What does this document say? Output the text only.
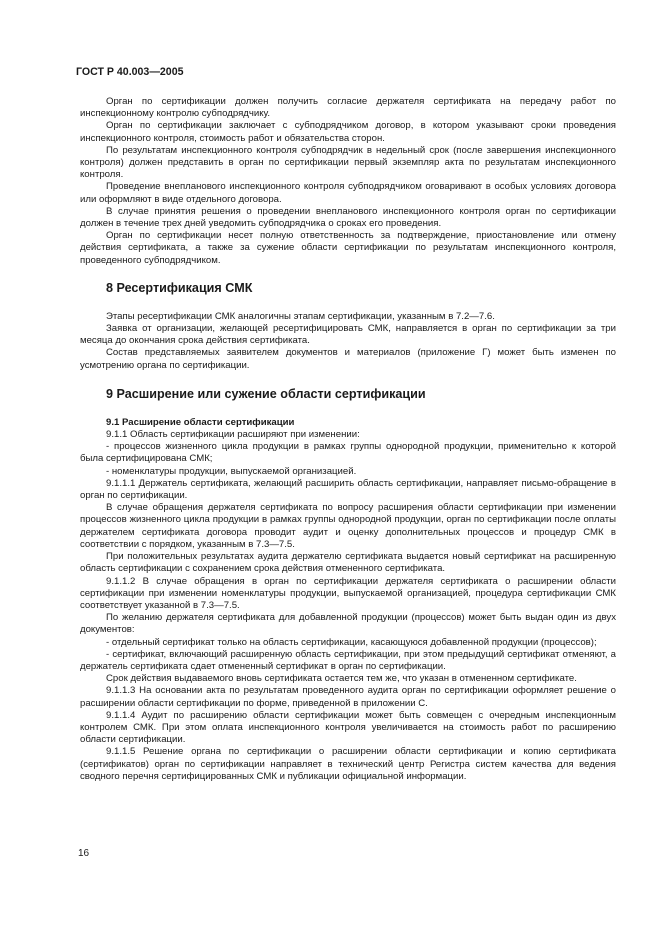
ГОСТ Р 40.003—2005

Орган по сертификации должен получить согласие держателя сертификата на передачу работ по инспекционному контролю субподрядчику.

Орган по сертификации заключает с субподрядчиком договор, в котором указывают сроки проведения инспекционного контроля, стоимость работ и обязательства сторон.

По результатам инспекционного контроля субподрядчик в недельный срок (после завершения инспекционного контроля) должен представить в орган по сертификации первый экземпляр акта по результатам инспекционного контроля.

Проведение внепланового инспекционного контроля субподрядчиком оговаривают в особых условиях договора или оформляют в виде отдельного договора.

В случае принятия решения о проведении внепланового инспекционного контроля орган по сертификации должен в течение трех дней уведомить субподрядчика о сроках его проведения.

Орган по сертификации несет полную ответственность за подтверждение, приостановление или отмену действия сертификата, а также за сужение области сертификации по результатам инспекционного контроля, проведенного субподрядчиком.

8 Ресертификация СМК

Этапы ресертификации СМК аналогичны этапам сертификации, указанным в 7.2—7.6.

Заявка от организации, желающей ресертифицировать СМК, направляется в орган по сертификации за три месяца до окончания срока действия сертификата.

Состав представляемых заявителем документов и материалов (приложение Г) может быть изменен по усмотрению органа по сертификации.

9 Расширение или сужение области сертификации

9.1 Расширение области сертификации

9.1.1 Область сертификации расширяют при изменении:

- процессов жизненного цикла продукции в рамках группы однородной продукции, применительно к которой была сертифицирована СМК;

- номенклатуры продукции, выпускаемой организацией.

9.1.1.1 Держатель сертификата, желающий расширить область сертификации, направляет письмо-обращение в орган по сертификации.

В случае обращения держателя сертификата по вопросу расширения области сертификации при изменении процессов жизненного цикла продукции в рамках группы однородной продукции, орган по сертификации после оплаты держателем сертификата договора проводит аудит и оценку дополнительных процессов и процедур СМК в соответствии с порядком, указанным в 7.3—7.5.

При положительных результатах аудита держателю сертификата выдается новый сертификат на расширенную область сертификации с сохранением срока действия отмененного сертификата.

9.1.1.2 В случае обращения в орган по сертификации держателя сертификата о расширении области сертификации при изменении номенклатуры продукции, выпускаемой организацией, процедура сертификации СМК соответствует указанной в 7.3—7.5.

По желанию держателя сертификата для добавленной продукции (процессов) может быть выдан один из двух документов:

- отдельный сертификат только на область сертификации, касающуюся добавленной продукции (процессов);

- сертификат, включающий расширенную область сертификации, при этом предыдущий сертификат отменяют, а держатель сертификата сдает отмененный сертификат в орган по сертификации.

Срок действия выдаваемого вновь сертификата остается тем же, что указан в отмененном сертификате.

9.1.1.3 На основании акта по результатам проведенного аудита орган по сертификации оформляет решение о расширении области сертификации по форме, приведенной в приложении С.

9.1.1.4 Аудит по расширению области сертификации может быть совмещен с очередным инспекционным контролем СМК. При этом оплата инспекционного контроля увеличивается на стоимость работ по расширению области сертификации.

9.1.1.5 Решение органа по сертификации о расширении области сертификации и копию сертификата (сертификатов) орган по сертификации направляет в технический центр Регистра систем качества для ведения сводного перечня сертифицированных СМК и публикации официальной информации.

16
